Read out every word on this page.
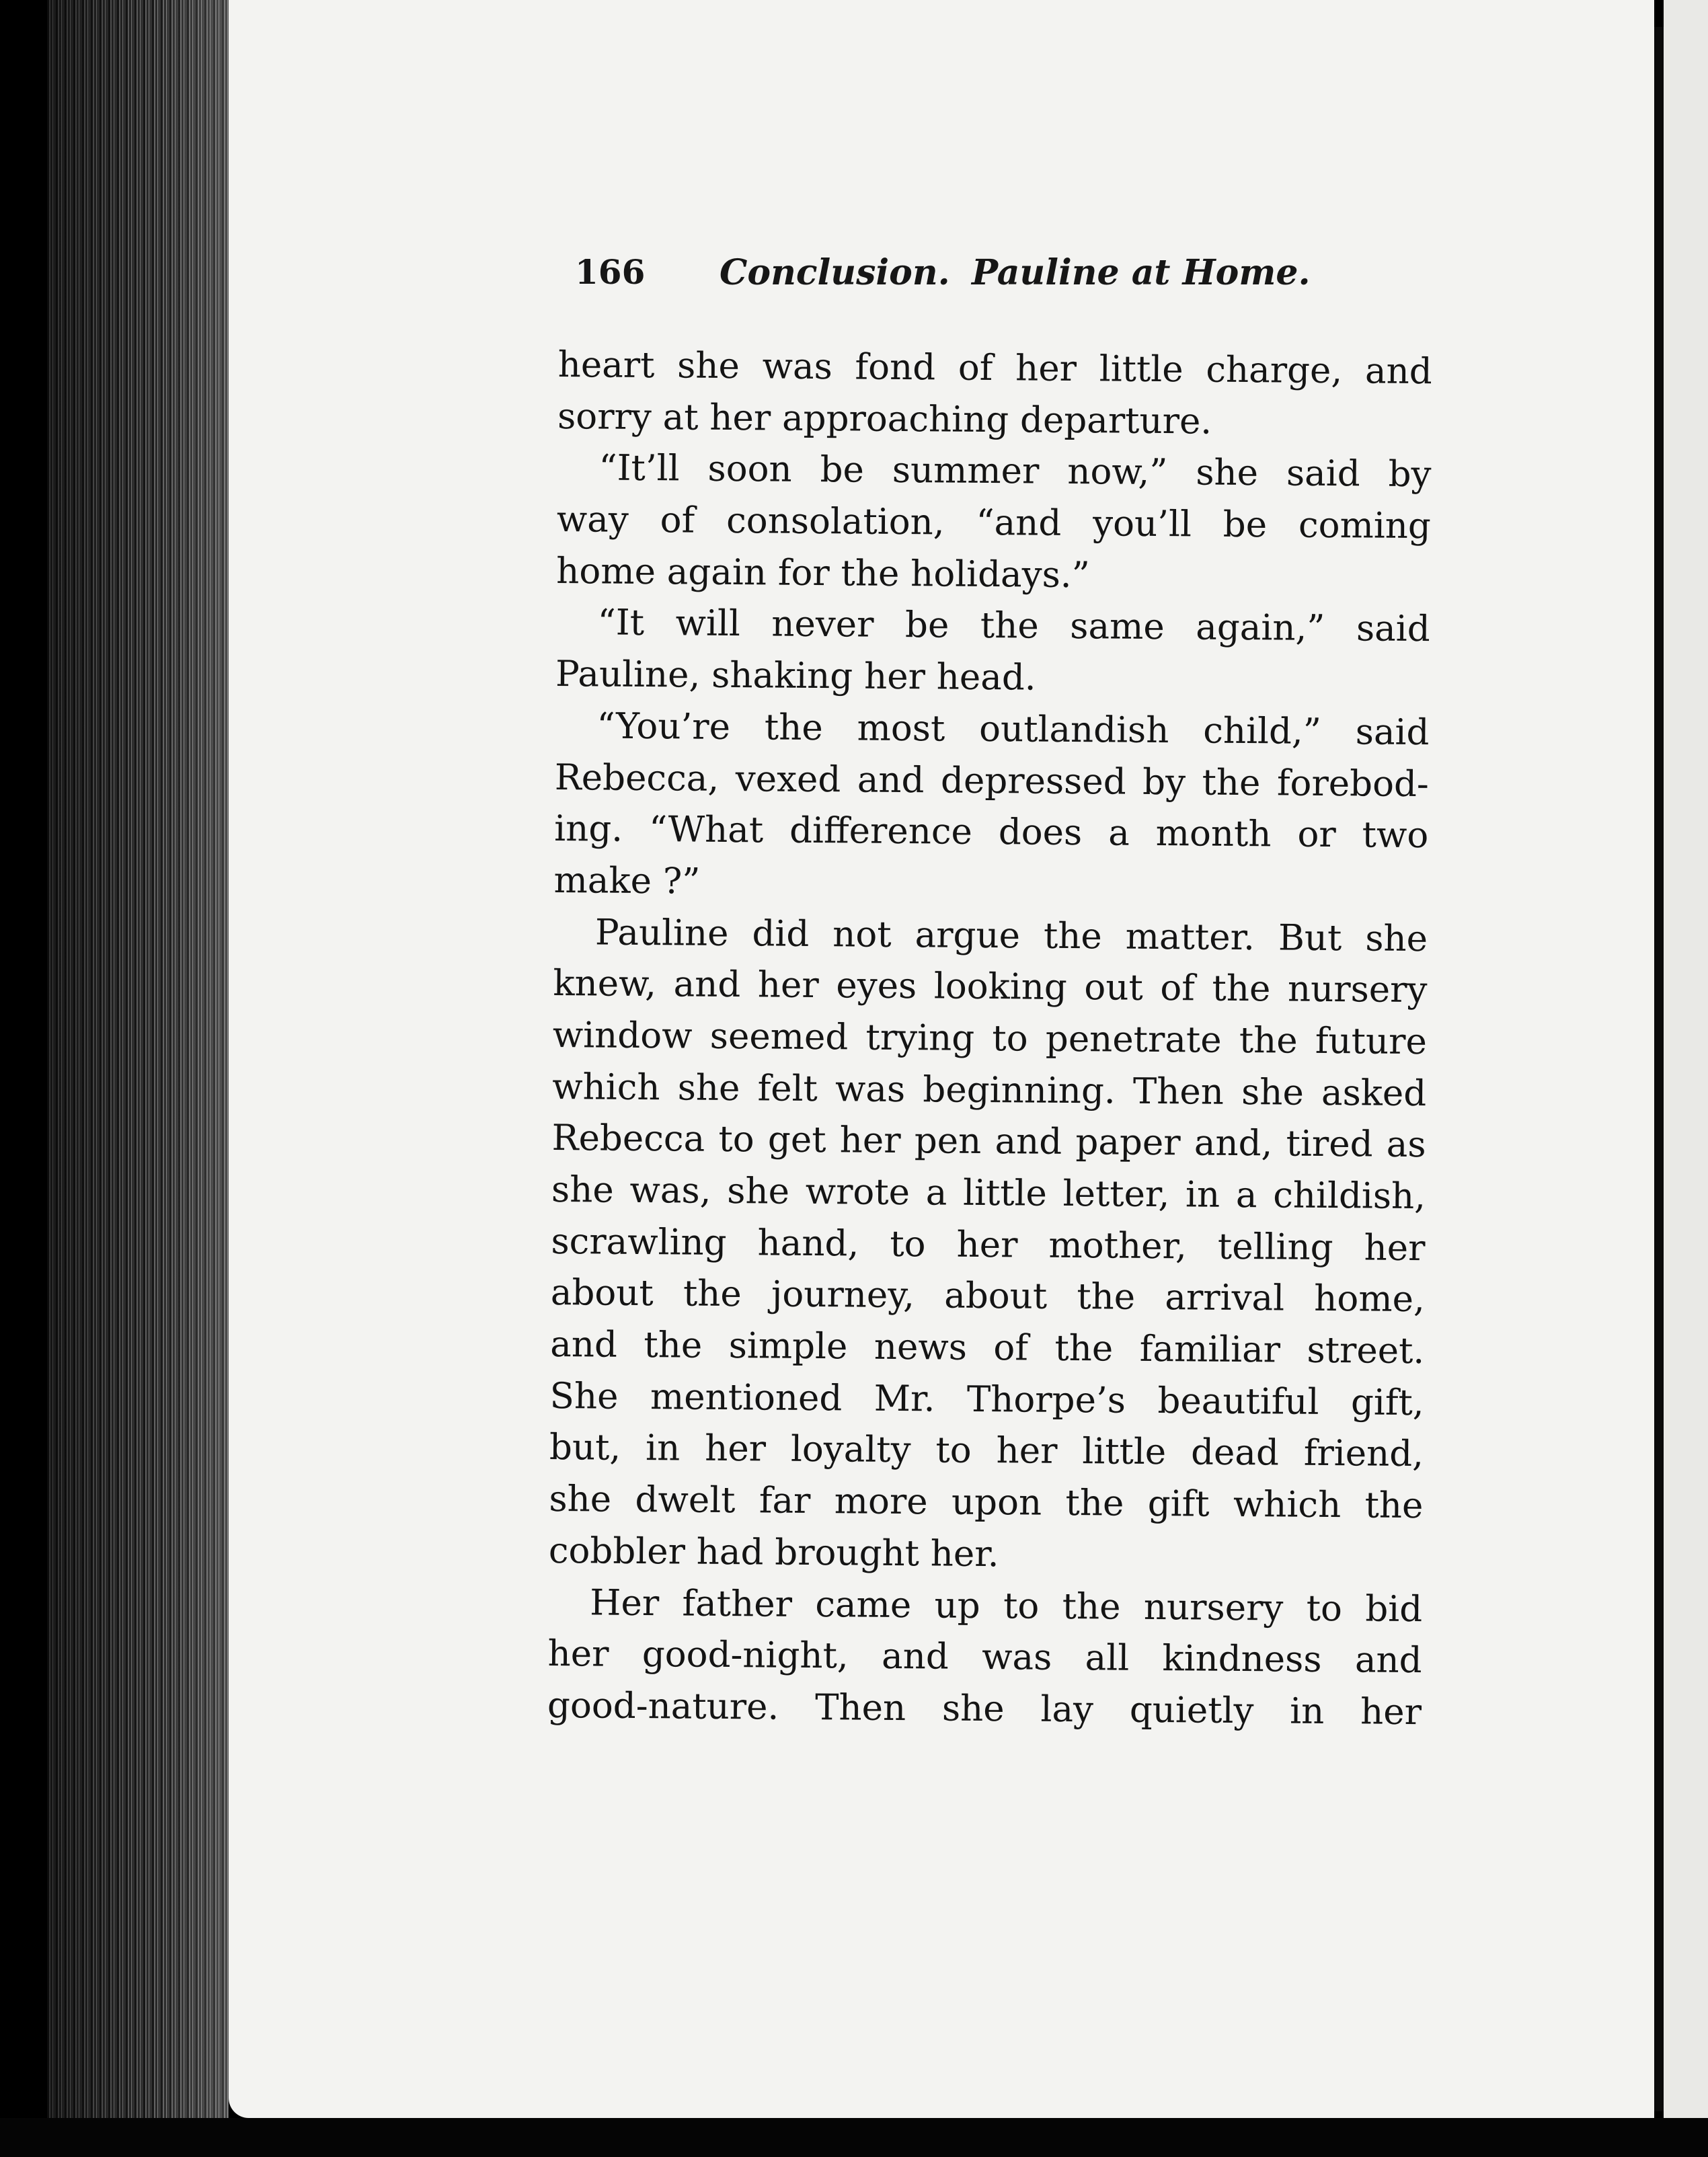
166 Conclusion. Pauline at Home.
heart she was fond of her little charge, and
sorry at her approaching departure.
“It’ll soon be summer now,” she said by
way of consolation, “and you’ll be coming
home again for the holidays.”
“It will never be the same again,” said
Pauline, shaking her head.
“You’re the most outlandish child,” said
Rebecca, vexed and depressed by the forebod-
ing. “What difference does a month or two
make ?”
Pauline did not argue the matter. But she
knew, and her eyes looking out of the nursery
window seemed trying to penetrate the future
which she felt was beginning. Then she asked
Rebecca to get her pen and paper and, tired as
she was, she wrote a little letter, in a childish,
scrawling hand, to her mother, telling her
about the journey, about the arrival home,
and the simple news of the familiar street.
She mentioned Mr. Thorpe’s beautiful gift,
but, in her loyalty to her little dead friend,
she dwelt far more upon the gift which the
cobbler had brought her.
Her father came up to the nursery to bid
her good-night, and was all kindness and
good-nature. Then she lay quietly in her
